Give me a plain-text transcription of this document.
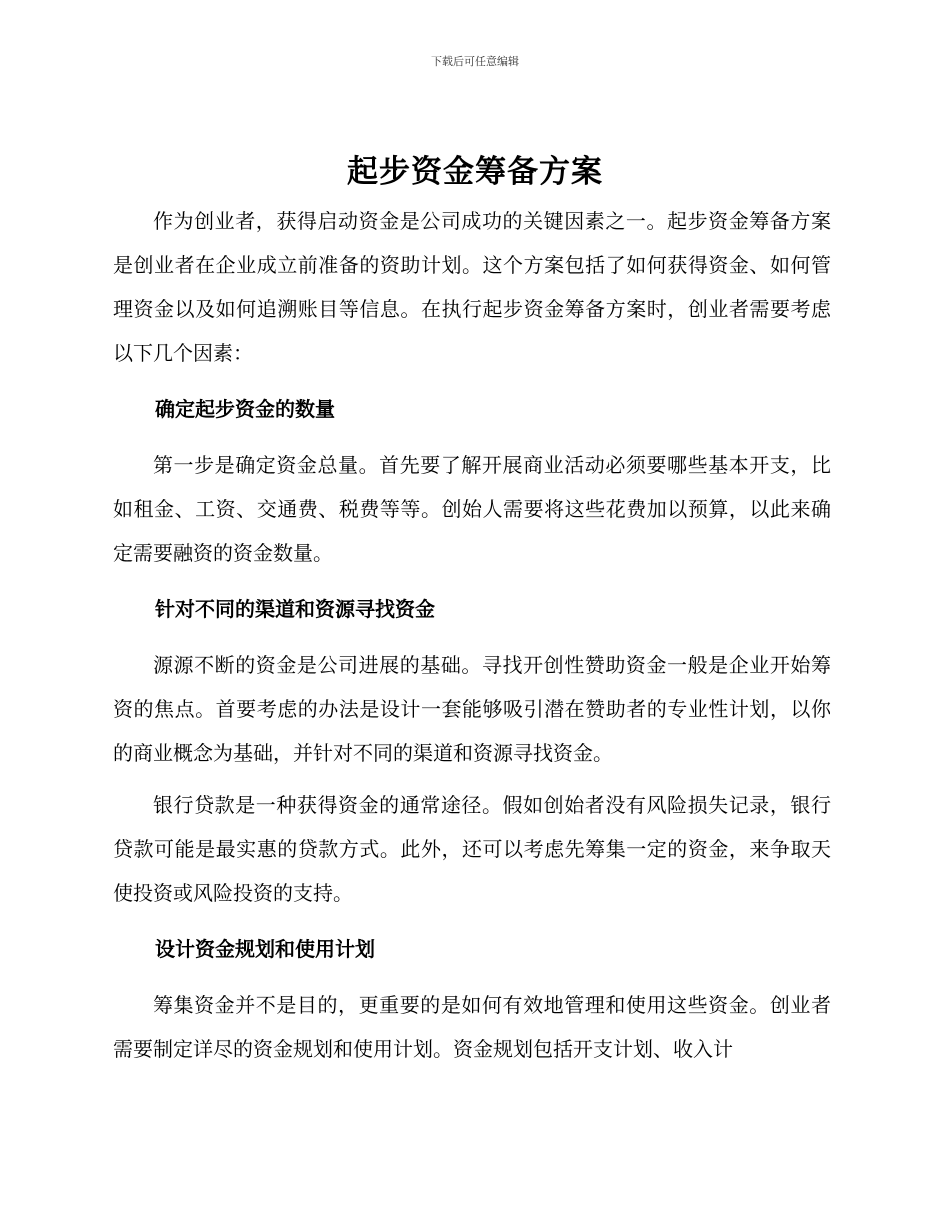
下载后可任意编辑
起步资金筹备方案

作为创业者，获得启动资金是公司成功的关键因素之一。起步资金筹备方案是创业者在企业成立前准备的资助计划。这个方案包括了如何获得资金、如何管理资金以及如何追溯账目等信息。在执行起步资金筹备方案时，创业者需要考虑以下几个因素：

确定起步资金的数量

第一步是确定资金总量。首先要了解开展商业活动必须要哪些基本开支，比如租金、工资、交通费、税费等等。创始人需要将这些花费加以预算，以此来确定需要融资的资金数量。

针对不同的渠道和资源寻找资金

源源不断的资金是公司进展的基础。寻找开创性赞助资金一般是企业开始筹资的焦点。首要考虑的办法是设计一套能够吸引潜在赞助者的专业性计划，以你的商业概念为基础，并针对不同的渠道和资源寻找资金。

银行贷款是一种获得资金的通常途径。假如创始者没有风险损失记录，银行贷款可能是最实惠的贷款方式。此外，还可以考虑先筹集一定的资金，来争取天使投资或风险投资的支持。

设计资金规划和使用计划

筹集资金并不是目的，更重要的是如何有效地管理和使用这些资金。创业者需要制定详尽的资金规划和使用计划。资金规划包括开支计划、收入计
